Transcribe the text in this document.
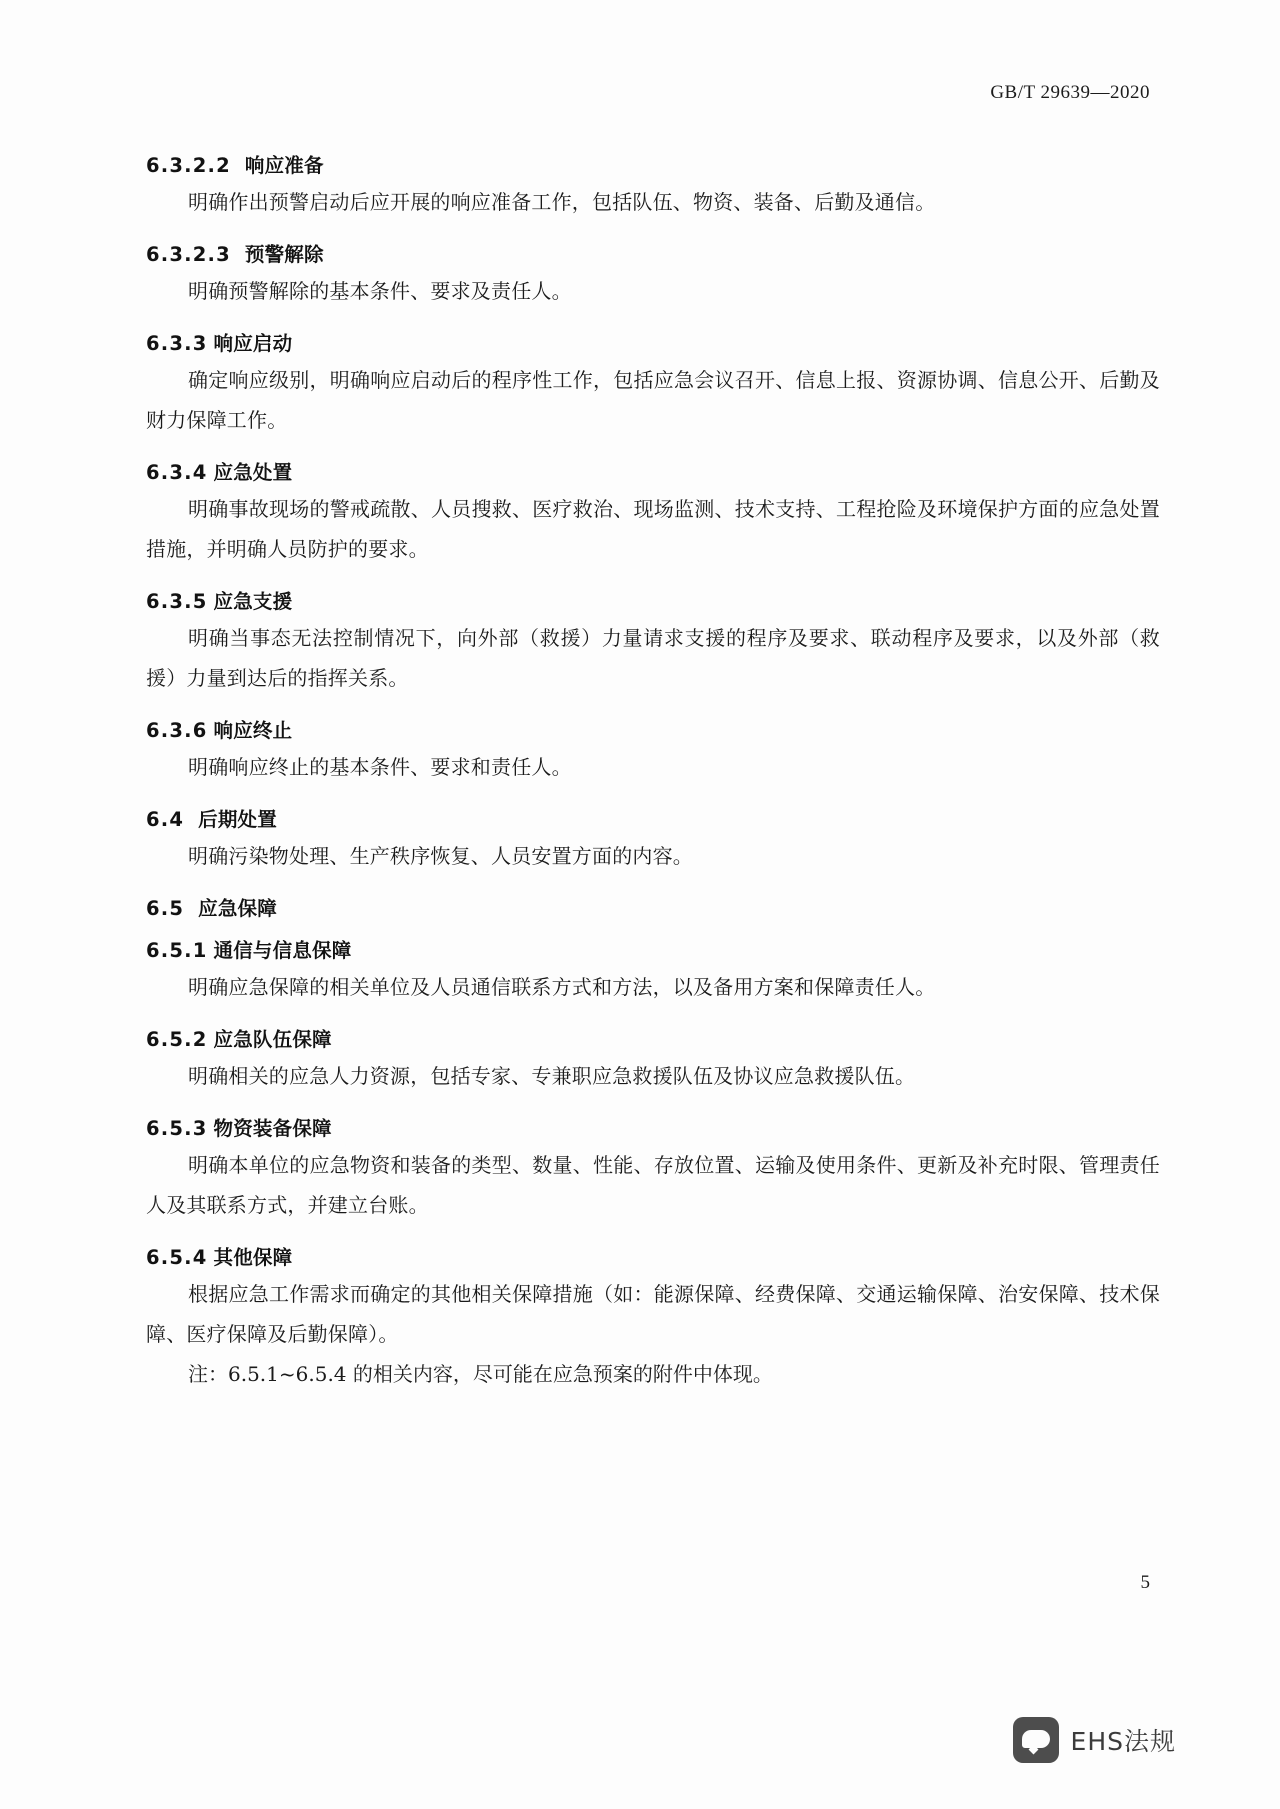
GB/T 29639—2020
6.3.2.2 响应准备

明确作出预警启动后应开展的响应准备工作，包括队伍、物资、装备、后勤及通信。

6.3.2.3 预警解除

明确预警解除的基本条件、要求及责任人。

6.3.3 响应启动

确定响应级别，明确响应启动后的程序性工作，包括应急会议召开、信息上报、资源协调、信息公开、后勤及财力保障工作。

6.3.4 应急处置

明确事故现场的警戒疏散、人员搜救、医疗救治、现场监测、技术支持、工程抢险及环境保护方面的应急处置措施，并明确人员防护的要求。

6.3.5 应急支援

明确当事态无法控制情况下，向外部（救援）力量请求支援的程序及要求、联动程序及要求，以及外部（救援）力量到达后的指挥关系。

6.3.6 响应终止

明确响应终止的基本条件、要求和责任人。

6.4 后期处置

明确污染物处理、生产秩序恢复、人员安置方面的内容。

6.5 应急保障
6.5.1 通信与信息保障

明确应急保障的相关单位及人员通信联系方式和方法，以及备用方案和保障责任人。

6.5.2 应急队伍保障

明确相关的应急人力资源，包括专家、专兼职应急救援队伍及协议应急救援队伍。

6.5.3 物资装备保障

明确本单位的应急物资和装备的类型、数量、性能、存放位置、运输及使用条件、更新及补充时限、管理责任人及其联系方式，并建立台账。

6.5.4 其他保障

根据应急工作需求而确定的其他相关保障措施（如：能源保障、经费保障、交通运输保障、治安保障、技术保障、医疗保障及后勤保障）。

注：6.5.1~6.5.4 的相关内容，尽可能在应急预案的附件中体现。

5
EHS法规
